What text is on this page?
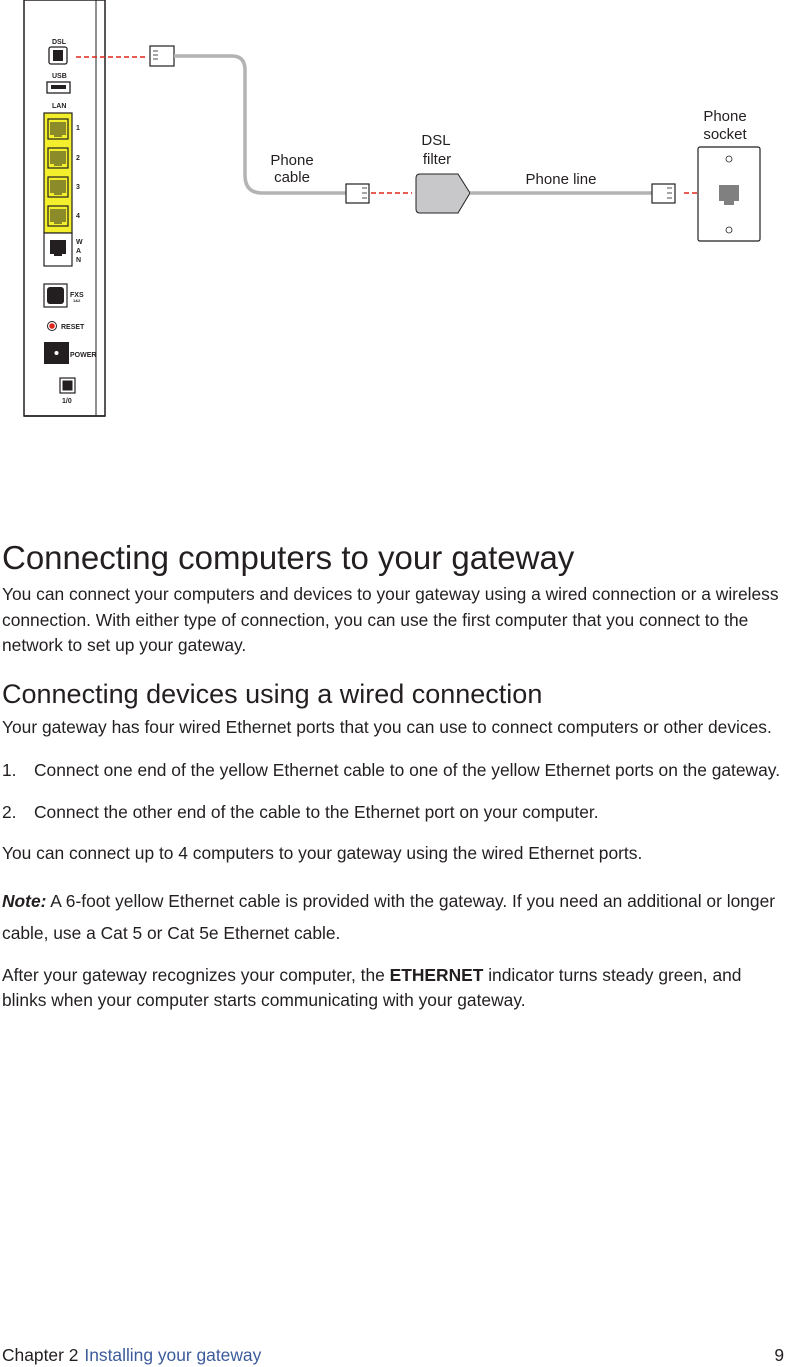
DSL
USB
LAN
1
2
3
4
W
A
N
FXS
1&2
RESET
POWER
1/0
Phone
cable
DSL
filter
Phone line
Phone
socket
Connecting computers to your gateway

You can connect your computers and devices to your gateway using a wired connection or a wireless connection. With either type of connection, you can use the first computer that you connect to the network to set up your gateway.

Connecting devices using a wired connection

Your gateway has four wired Ethernet ports that you can use to connect computers or other devices.

1. Connect one end of the yellow Ethernet cable to one of the yellow Ethernet ports on the gateway.
2. Connect the other end of the cable to the Ethernet port on your computer.

You can connect up to 4 computers to your gateway using the wired Ethernet ports.

Note: A 6-foot yellow Ethernet cable is provided with the gateway. If you need an additional or longer cable, use a Cat 5 or Cat 5e Ethernet cable.

After your gateway recognizes your computer, the ETHERNET indicator turns steady green, and blinks when your computer starts communicating with your gateway.

Chapter 2 Installing your gateway	9
